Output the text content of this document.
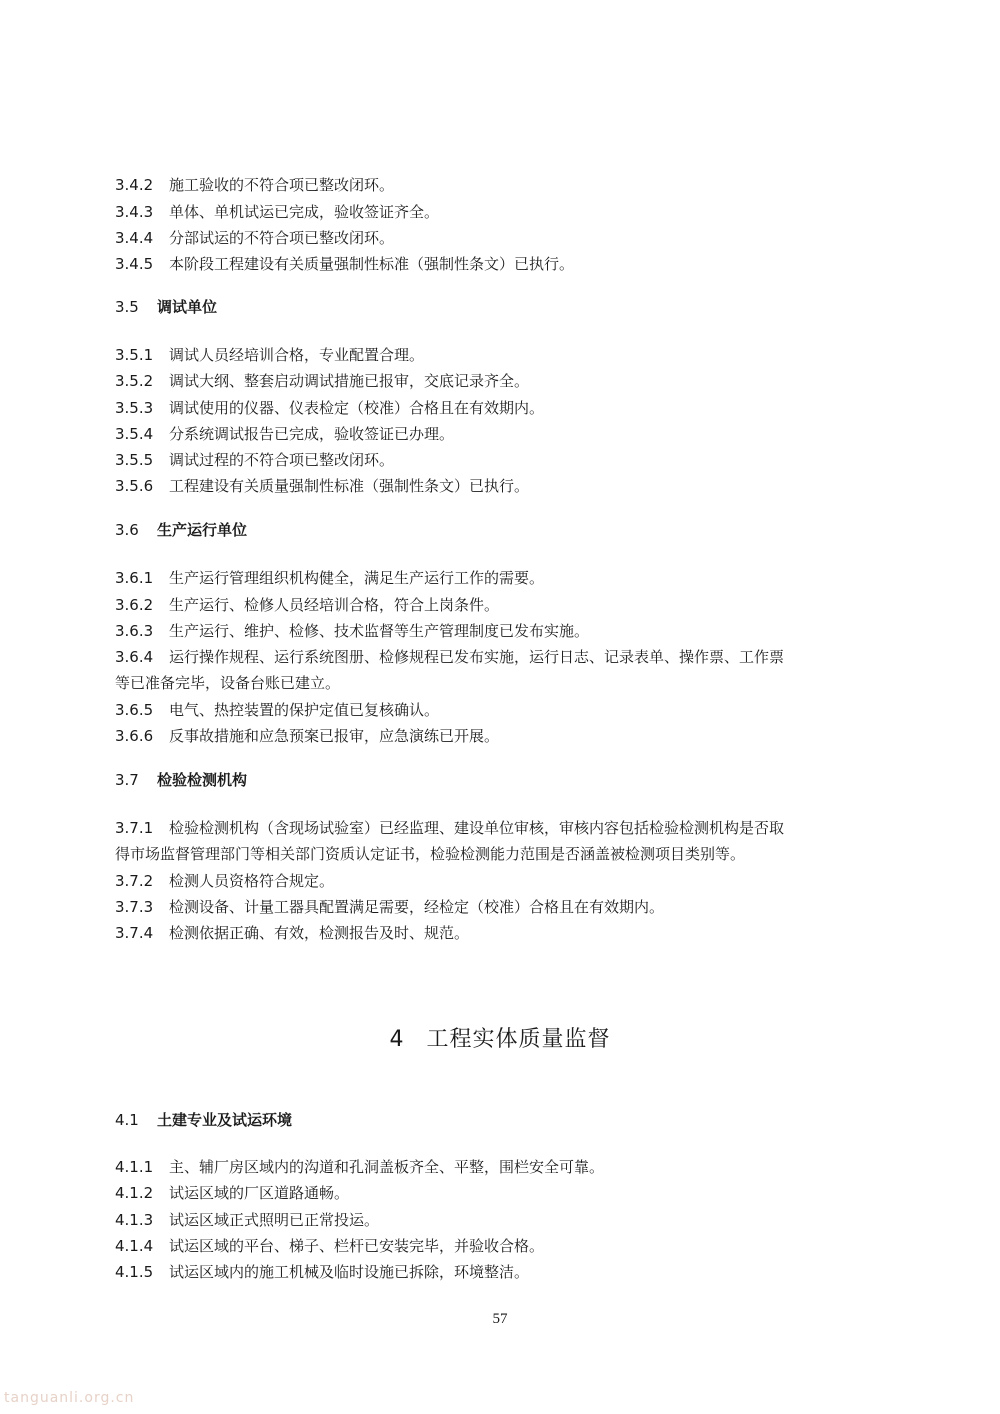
4 工程实体质量监督
57
tanguanli.org.cn
3.4.2 施工验收的不符合项已整改闭环。
3.4.3 单体、单机试运已完成，验收签证齐全。
3.4.4 分部试运的不符合项已整改闭环。
3.4.5 本阶段工程建设有关质量强制性标准（强制性条文）已执行。
3.5 调试单位
3.5.1 调试人员经培训合格，专业配置合理。
3.5.2 调试大纲、整套启动调试措施已报审，交底记录齐全。
3.5.3 调试使用的仪器、仪表检定（校准）合格且在有效期内。
3.5.4 分系统调试报告已完成，验收签证已办理。
3.5.5 调试过程的不符合项已整改闭环。
3.5.6 工程建设有关质量强制性标准（强制性条文）已执行。
3.6 生产运行单位
3.6.1 生产运行管理组织机构健全，满足生产运行工作的需要。
3.6.2 生产运行、检修人员经培训合格，符合上岗条件。
3.6.3 生产运行、维护、检修、技术监督等生产管理制度已发布实施。
3.6.4 运行操作规程、运行系统图册、检修规程已发布实施，运行日志、记录表单、操作票、工作票
等已准备完毕，设备台账已建立。
3.6.5 电气、热控装置的保护定值已复核确认。
3.6.6 反事故措施和应急预案已报审，应急演练已开展。
3.7 检验检测机构
3.7.1 检验检测机构（含现场试验室）已经监理、建设单位审核，审核内容包括检验检测机构是否取
得市场监督管理部门等相关部门资质认定证书，检验检测能力范围是否涵盖被检测项目类别等。
3.7.2 检测人员资格符合规定。
3.7.3 检测设备、计量工器具配置满足需要，经检定（校准）合格且在有效期内。
3.7.4 检测依据正确、有效，检测报告及时、规范。
4.1 土建专业及试运环境
4.1.1 主、辅厂房区域内的沟道和孔洞盖板齐全、平整，围栏安全可靠。
4.1.2 试运区域的厂区道路通畅。
4.1.3 试运区域正式照明已正常投运。
4.1.4 试运区域的平台、梯子、栏杆已安装完毕，并验收合格。
4.1.5 试运区域内的施工机械及临时设施已拆除，环境整洁。
